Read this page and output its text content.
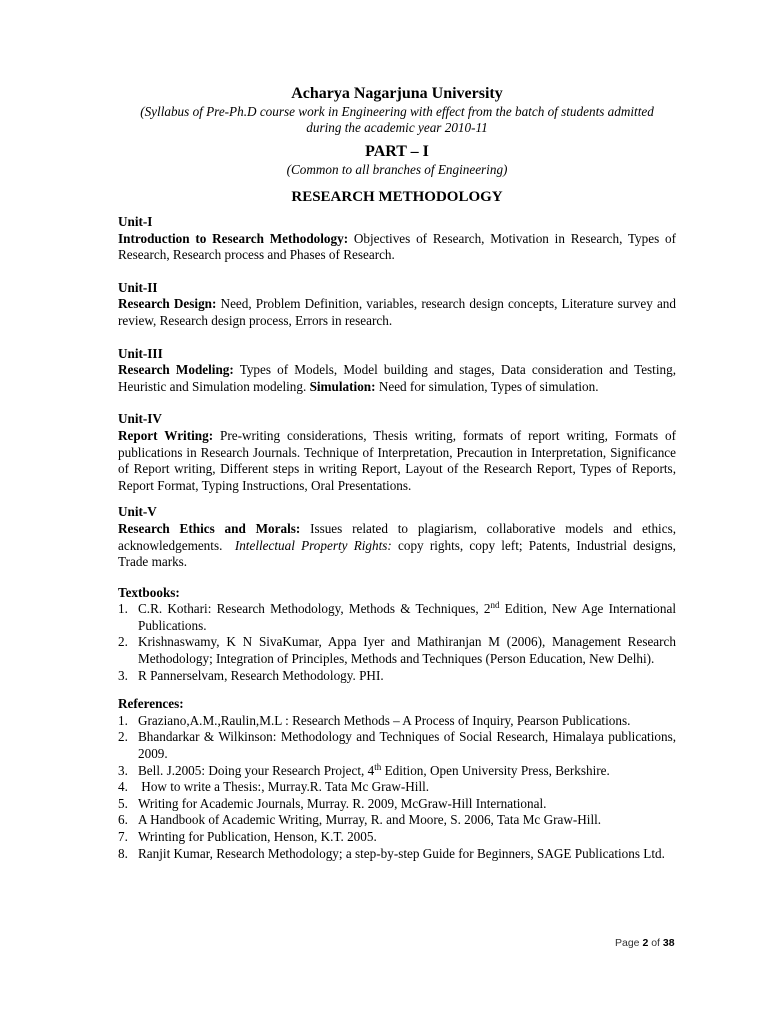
Acharya Nagarjuna University
(Syllabus of Pre-Ph.D course work in Engineering with effect from the batch of students admitted
during the academic year 2010-11
PART – I
(Common to all branches of Engineering)
RESEARCH METHODOLOGY
Unit-I
Introduction to Research Methodology: Objectives of Research, Motivation in Research, Types of Research, Research process and Phases of Research.
Unit-II
Research Design: Need, Problem Definition, variables, research design concepts, Literature survey and review, Research design process, Errors in research.
Unit-III
Research Modeling: Types of Models, Model building and stages, Data consideration and Testing, Heuristic and Simulation modeling. Simulation: Need for simulation, Types of simulation.
Unit-IV
Report Writing: Pre-writing considerations, Thesis writing, formats of report writing, Formats of publications in Research Journals. Technique of Interpretation, Precaution in Interpretation, Significance of Report writing, Different steps in writing Report, Layout of the Research Report, Types of Reports, Report Format, Typing Instructions, Oral Presentations.
Unit-V
Research Ethics and Morals: Issues related to plagiarism, collaborative models and ethics, acknowledgements.  Intellectual Property Rights: copy rights, copy left; Patents, Industrial designs, Trade marks.
Textbooks:
1. C.R. Kothari: Research Methodology, Methods & Techniques, 2nd Edition, New Age International Publications.
2. Krishnaswamy, K N SivaKumar, Appa Iyer and Mathiranjan M (2006), Management Research Methodology; Integration of Principles, Methods and Techniques (Person Education, New Delhi).
3. R Pannerselvam, Research Methodology. PHI.
References:
1. Graziano,A.M.,Raulin,M.L : Research Methods – A Process of Inquiry, Pearson Publications.
2. Bhandarkar & Wilkinson: Methodology and Techniques of Social Research, Himalaya publications, 2009.
3. Bell. J.2005: Doing your Research Project, 4th Edition, Open University Press, Berkshire.
4. How to write a Thesis:, Murray.R. Tata Mc Graw-Hill.
5. Writing for Academic Journals, Murray. R. 2009, McGraw-Hill International.
6. A Handbook of Academic Writing, Murray, R. and Moore, S. 2006, Tata Mc Graw-Hill.
7. Wrinting for Publication, Henson, K.T. 2005.
8. Ranjit Kumar, Research Methodology; a step-by-step Guide for Beginners, SAGE Publications Ltd.
Page 2 of 38
